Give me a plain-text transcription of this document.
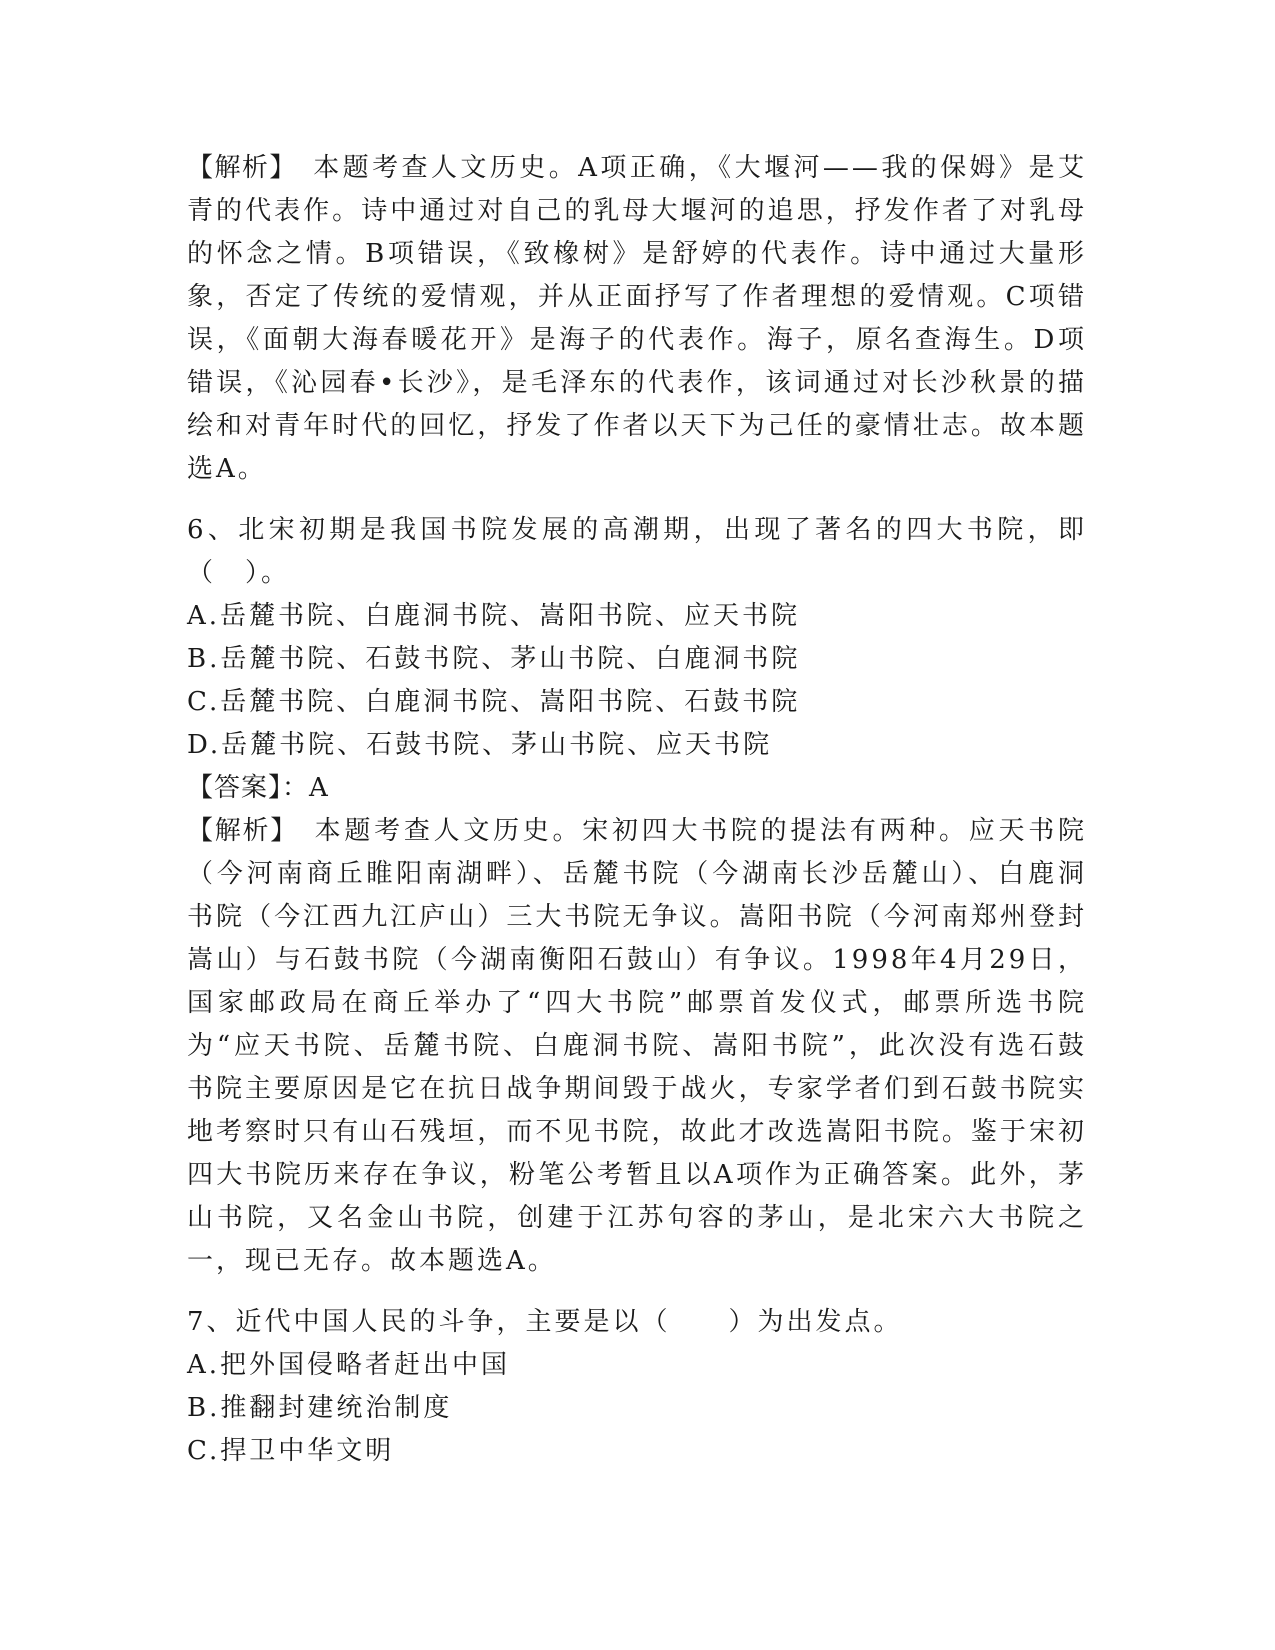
【解析】　本题考查人文历史。A项正确，《大堰河——我的保姆》是艾青的代表作。诗中通过对自己的乳母大堰河的追思，抒发作者了对乳母的怀念之情。B项错误，《致橡树》是舒婷的代表作。诗中通过大量形象，否定了传统的爱情观，并从正面抒写了作者理想的爱情观。C项错误，《面朝大海春暖花开》是海子的代表作。海子，原名查海生。D项错误，《沁园春•长沙》，是毛泽东的代表作，该词通过对长沙秋景的描绘和对青年时代的回忆，抒发了作者以天下为己任的豪情壮志。故本题选A。

6、北宋初期是我国书院发展的高潮期，出现了著名的四大书院，即（　）。

A.岳麓书院、白鹿洞书院、嵩阳书院、应天书院

B.岳麓书院、石鼓书院、茅山书院、白鹿洞书院

C.岳麓书院、白鹿洞书院、嵩阳书院、石鼓书院

D.岳麓书院、石鼓书院、茅山书院、应天书院

【答案】：A

【解析】　本题考查人文历史。宋初四大书院的提法有两种。应天书院（今河南商丘睢阳南湖畔）、岳麓书院（今湖南长沙岳麓山）、白鹿洞书院（今江西九江庐山）三大书院无争议。嵩阳书院（今河南郑州登封嵩山）与石鼓书院（今湖南衡阳石鼓山）有争议。1998年4月29日，国家邮政局在商丘举办了“四大书院”邮票首发仪式，邮票所选书院为“应天书院、岳麓书院、白鹿洞书院、嵩阳书院”，此次没有选石鼓书院主要原因是它在抗日战争期间毁于战火，专家学者们到石鼓书院实地考察时只有山石残垣，而不见书院，故此才改选嵩阳书院。鉴于宋初四大书院历来存在争议，粉笔公考暂且以A项作为正确答案。此外，茅山书院，又名金山书院，创建于江苏句容的茅山，是北宋六大书院之一，现已无存。故本题选A。

7、近代中国人民的斗争，主要是以（　　）为出发点。

A.把外国侵略者赶出中国

B.推翻封建统治制度

C.捍卫中华文明
